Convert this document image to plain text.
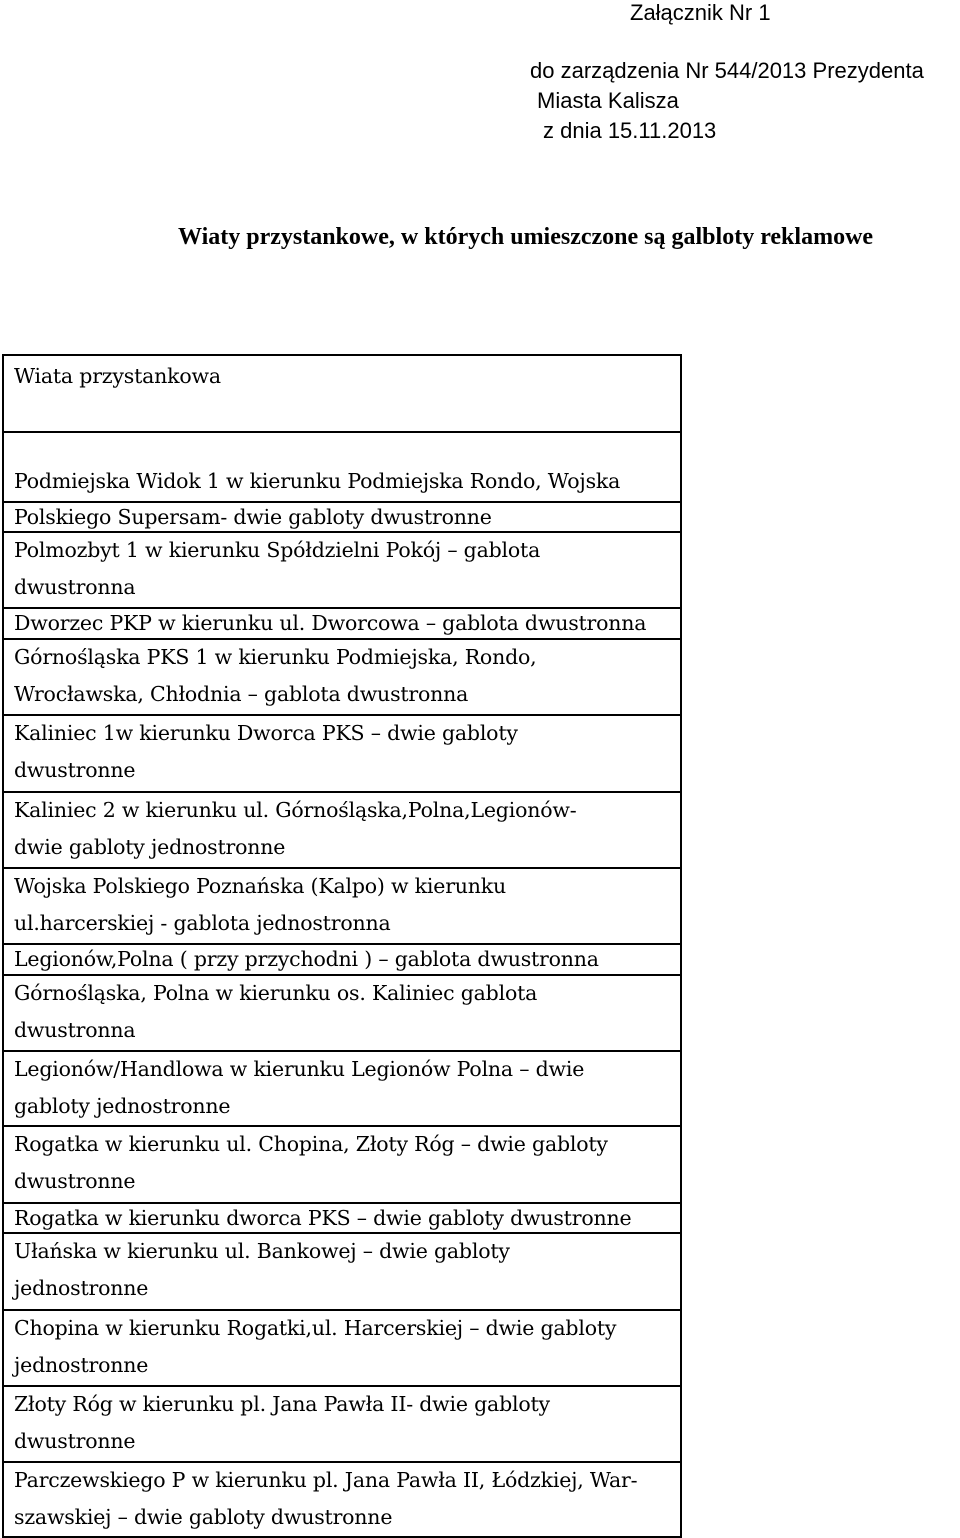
Załącznik Nr 1
do zarządzenia Nr 544/2013 Prezydenta
Miasta Kalisza
z dnia 15.11.2013
Wiaty przystankowe, w których umieszczone są galbloty reklamowe
Wiata przystankowa
Podmiejska Widok 1 w kierunku Podmiejska Rondo, Wojska
Polskiego Supersam- dwie gabloty dwustronne
Polmozbyt 1 w kierunku Spółdzielni Pokój – gablota
dwustronna
Dworzec PKP w kierunku ul. Dworcowa – gablota dwustronna
Górnośląska PKS 1 w kierunku Podmiejska, Rondo,
Wrocławska, Chłodnia – gablota dwustronna
Kaliniec 1w kierunku Dworca PKS – dwie gabloty
dwustronne
Kaliniec 2 w kierunku ul. Górnośląska,Polna,Legionów-
dwie gabloty jednostronne
Wojska Polskiego Poznańska (Kalpo) w kierunku
ul.harcerskiej - gablota jednostronna
Legionów,Polna ( przy przychodni ) – gablota dwustronna
Górnośląska, Polna w kierunku os. Kaliniec gablota
dwustronna
Legionów/Handlowa w kierunku Legionów Polna – dwie
gabloty jednostronne
Rogatka w kierunku ul. Chopina, Złoty Róg – dwie gabloty
dwustronne
Rogatka w kierunku dworca PKS – dwie gabloty dwustronne
Ułańska w kierunku ul. Bankowej – dwie gabloty
jednostronne
Chopina w kierunku Rogatki,ul. Harcerskiej – dwie gabloty
jednostronne
Złoty Róg w kierunku pl. Jana Pawła II- dwie gabloty
dwustronne
Parczewskiego P w kierunku pl. Jana Pawła II, Łódzkiej, War-
szawskiej – dwie gabloty dwustronne
